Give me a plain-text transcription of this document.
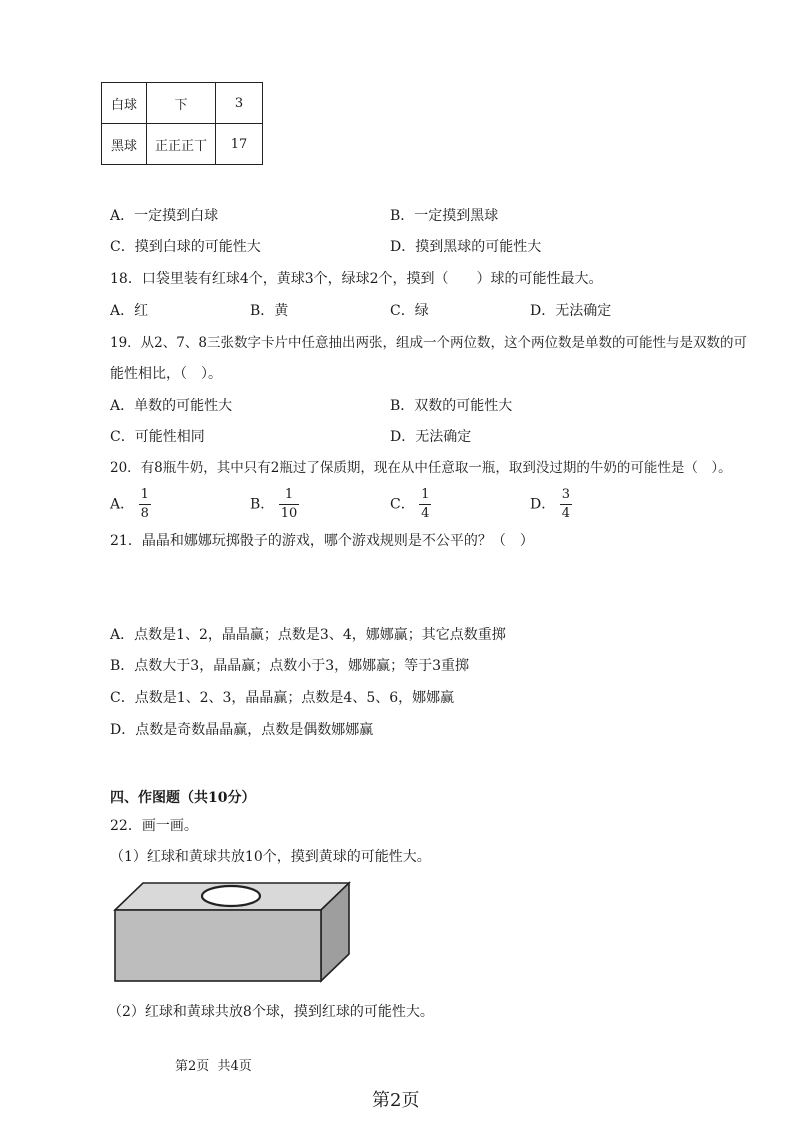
白球	下	3
黑球	正正正丅	17
A．一定摸到白球	B．一定摸到黑球
C．摸到白球的可能性大	D．摸到黑球的可能性大
18．口袋里装有红球4个，黄球3个，绿球2个，摸到（　　）球的可能性最大。
A．红	B．黄	C．绿	D．无法确定
19．从2、7、8三张数字卡片中任意抽出两张，组成一个两位数，这个两位数是单数的可能性与是双数的可
能性相比，（　）。
A．单数的可能性大	B．双数的可能性大
C．可能性相同	D．无法确定
20．有8瓶牛奶，其中只有2瓶过了保质期，现在从中任意取一瓶，取到没过期的牛奶的可能性是（　）。
A． $\frac{1}{8}$	B． $\frac{1}{10}$	C． $\frac{1}{4}$	D． $\frac{3}{4}$
21．晶晶和娜娜玩掷骰子的游戏，哪个游戏规则是不公平的？（　）
A．点数是1、2，晶晶赢；点数是3、4，娜娜赢；其它点数重掷
B．点数大于3，晶晶赢；点数小于3，娜娜赢；等于3重掷
C．点数是1、2、3，晶晶赢；点数是4、5、6，娜娜赢
D．点数是奇数晶晶赢，点数是偶数娜娜赢
四、作图题（共10分）
22．画一画。
（1）红球和黄球共放10个，摸到黄球的可能性大。
（2）红球和黄球共放8个球，摸到红球的可能性大。
第2页  共4页
第2页
